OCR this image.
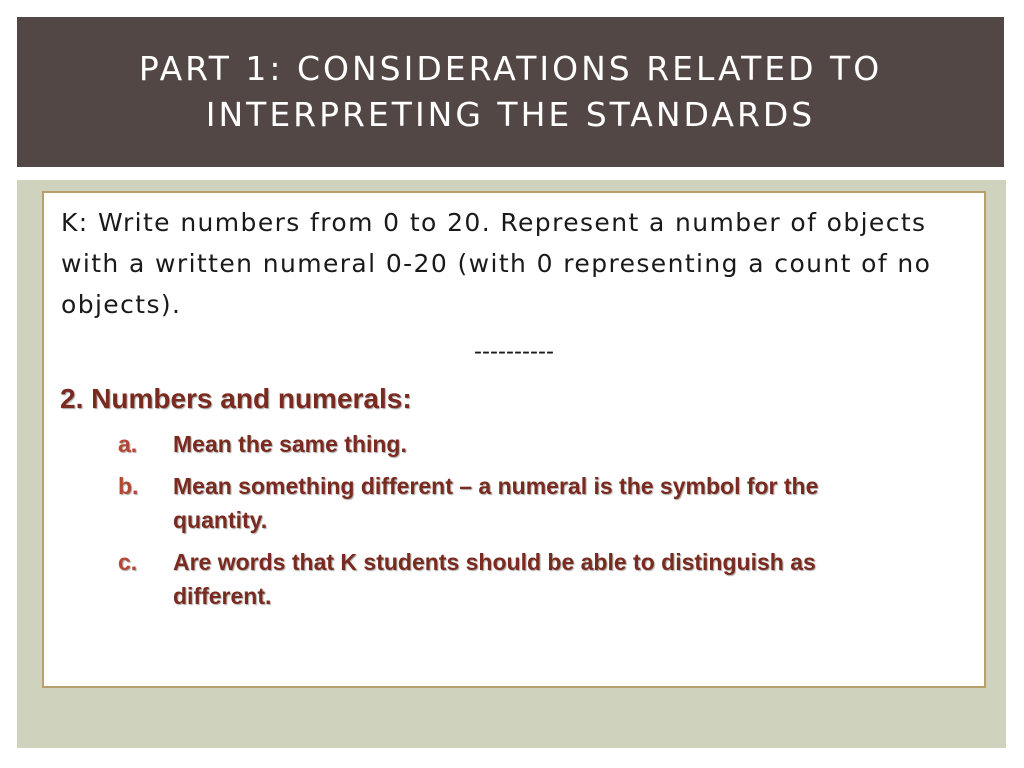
PART 1: CONSIDERATIONS RELATED TO
INTERPRETING THE STANDARDS
K: Write numbers from 0 to 20. Represent a number of objects with a written numeral 0-20 (with 0 representing a count of no objects).
----------
2. Numbers and numerals:
a.	Mean the same thing.
b.	Mean something different – a numeral is the symbol for the quantity.
c.	Are words that K students should be able to distinguish as different.
